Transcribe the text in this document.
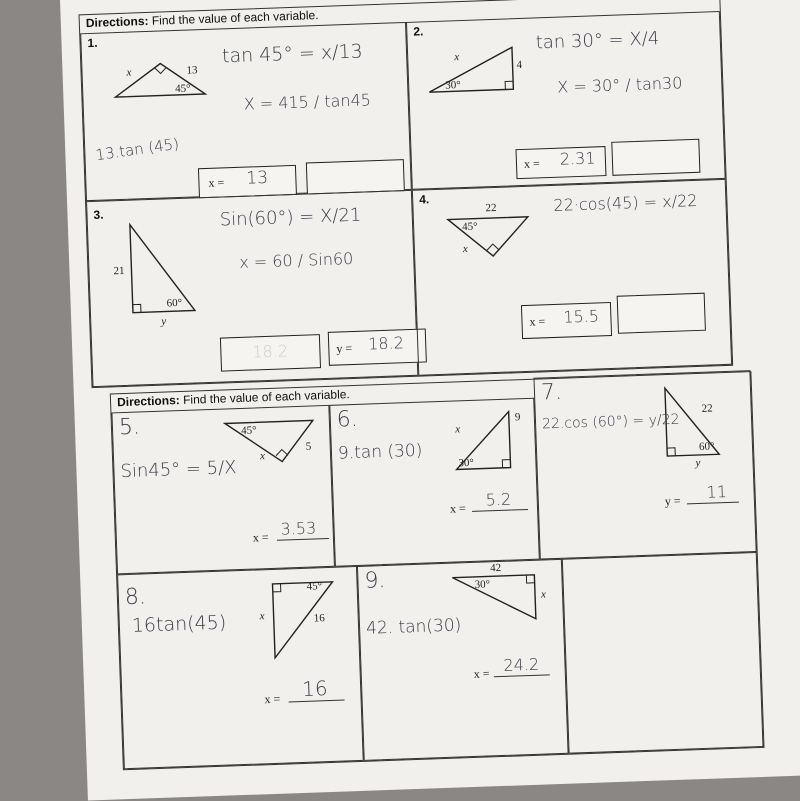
Directions: Find the value of each variable.
1.
x	13
45°
tan 45° = x/13
X = 415 / tan45
13.tan (45)
x = 13
2.
x
4
30°
tan 30° = X/4
X = 30° / tan30
x = 2.31
3.
21
60°
y
Sin(60°) = X/21
x = 60 / Sin60
18.2	y = 18.2
4.
22
45°
x
22·cos(45) = x/22
x = 15.5
Directions: Find the value of each variable.
5.	45°
5
x
Sin45° = 5/X
x = 3.53
6.	x
9
30°
9.tan (30)
x = 5.2
7.
22
60°
y
22.cos (60°) = y/22
y = 11
8.	45°
16
x
16tan(45)
x = 16
9.	42
30°
x
42. tan(30)
x = 24.2
